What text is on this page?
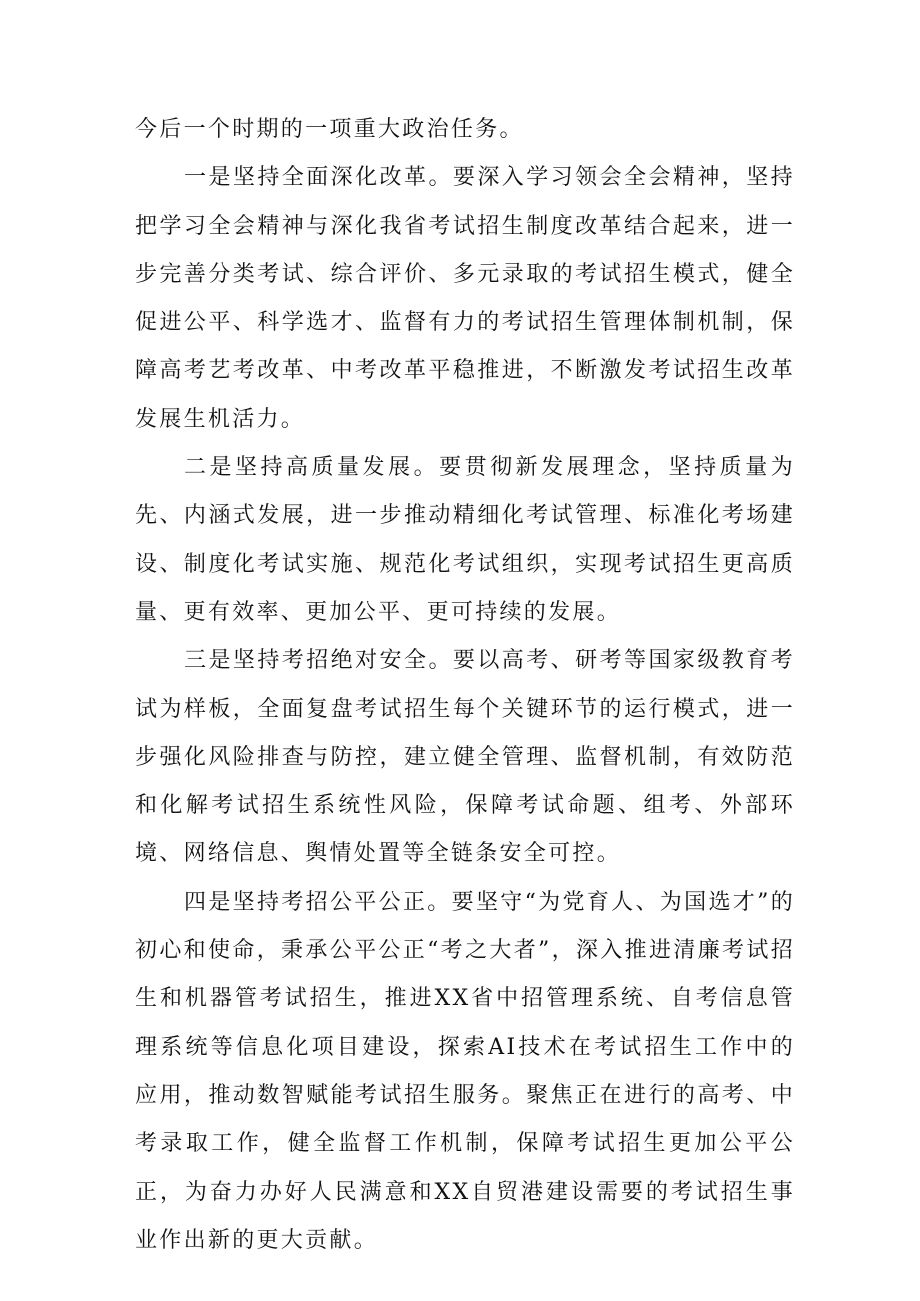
今后一个时期的一项重大政治任务。

一是坚持全面深化改革。要深入学习领会全会精神，坚持把学习全会精神与深化我省考试招生制度改革结合起来，进一步完善分类考试、综合评价、多元录取的考试招生模式，健全促进公平、科学选才、监督有力的考试招生管理体制机制，保障高考艺考改革、中考改革平稳推进，不断激发考试招生改革发展生机活力。

二是坚持高质量发展。要贯彻新发展理念，坚持质量为先、内涵式发展，进一步推动精细化考试管理、标准化考场建设、制度化考试实施、规范化考试组织，实现考试招生更高质量、更有效率、更加公平、更可持续的发展。

三是坚持考招绝对安全。要以高考、研考等国家级教育考试为样板，全面复盘考试招生每个关键环节的运行模式，进一步强化风险排查与防控，建立健全管理、监督机制，有效防范和化解考试招生系统性风险，保障考试命题、组考、外部环境、网络信息、舆情处置等全链条安全可控。

四是坚持考招公平公正。要坚守“为党育人、为国选才”的初心和使命，秉承公平公正“考之大者”，深入推进清廉考试招生和机器管考试招生，推进XX省中招管理系统、自考信息管理系统等信息化项目建设，探索AI技术在考试招生工作中的应用，推动数智赋能考试招生服务。聚焦正在进行的高考、中考录取工作，健全监督工作机制，保障考试招生更加公平公正，为奋力办好人民满意和XX自贸港建设需要的考试招生事业作出新的更大贡献。
